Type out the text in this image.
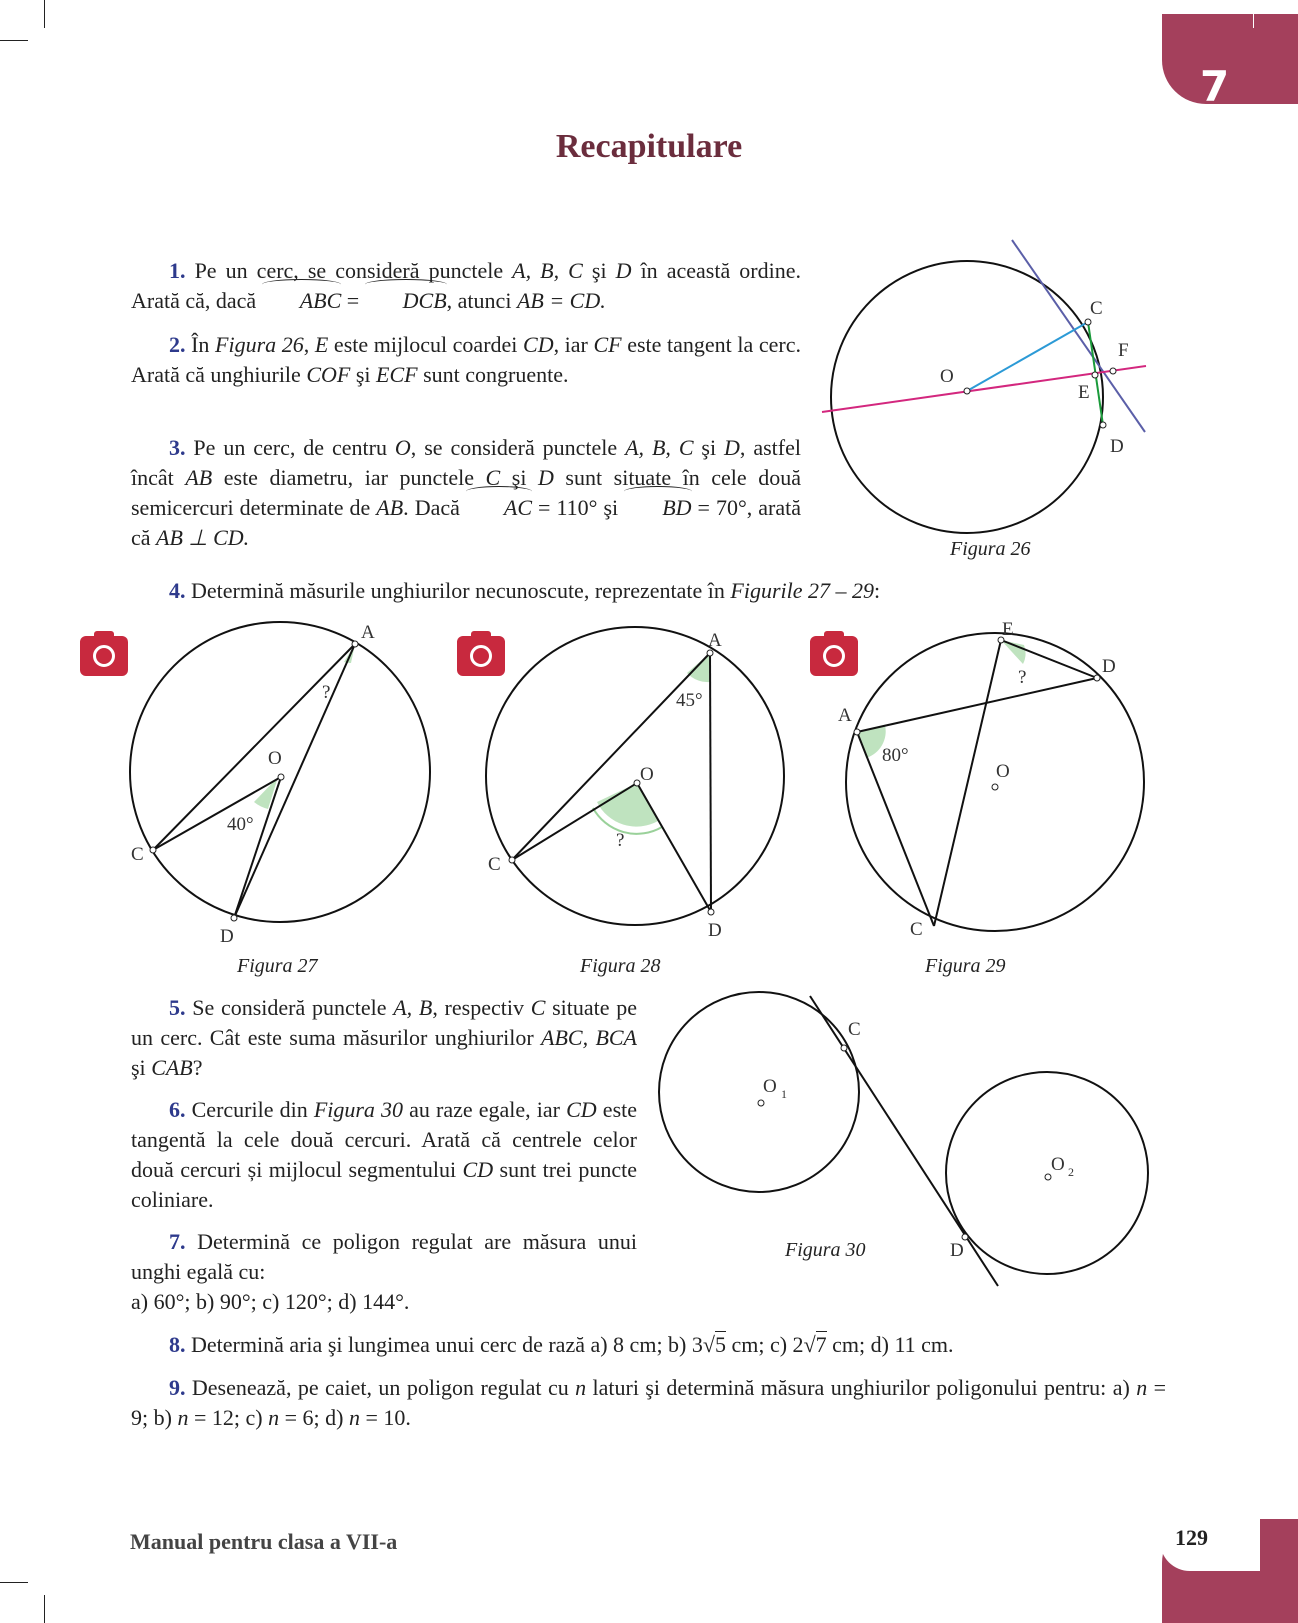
7
129
Recapitulare
1. Pe un cerc, se consideră punctele A, B, C şi D în această ordine. Arată că, dacă ABC = DCB, atunci AB = CD.
2. În Figura 26, E este mijlocul coardei CD, iar CF este tangent la cerc. Arată că unghiurile COF şi ECF sunt congruente.
3. Pe un cerc, de centru O, se consideră punctele A, B, C şi D, astfel încât AB este diametru, iar punctele C şi D sunt situate în cele două semicercuri determinate de AB. Dacă AC = 110° şi BD = 70°, arată că AB ⊥ CD.
C
F
O
E
D
Figura 26
4. Determină măsurile unghiurilor necunoscute, reprezentate în Figurile 27 – 29:
A
?
O
40°
C
D
Figura 27
A
45°
O
?
C
D
Figura 28
E
D
?
A
80°
O
C
Figura 29
5. Se consideră punctele A, B, respectiv C situate pe un cerc. Cât este suma măsurilor unghiurilor ABC, BCA şi CAB?
6. Cercurile din Figura 30 au raze egale, iar CD este tangentă la cele două cercuri. Arată că centrele celor două cercuri și mijlocul segmentului CD sunt trei puncte coliniare.
7. Determină ce poligon regulat are măsura unui unghi egală cu:
a) 60°; b) 90°; c) 120°; d) 144°.
C
O 1
O 2
D
Figura 30
8. Determină aria şi lungimea unui cerc de rază a) 8 cm; b) 3√5 cm; c) 2√7 cm; d) 11 cm.
9. Desenează, pe caiet, un poligon regulat cu n laturi şi determină măsura unghiurilor poligonului pentru: a) n = 9; b) n = 12; c) n = 6; d) n = 10.
Manual pentru clasa a VII-a
